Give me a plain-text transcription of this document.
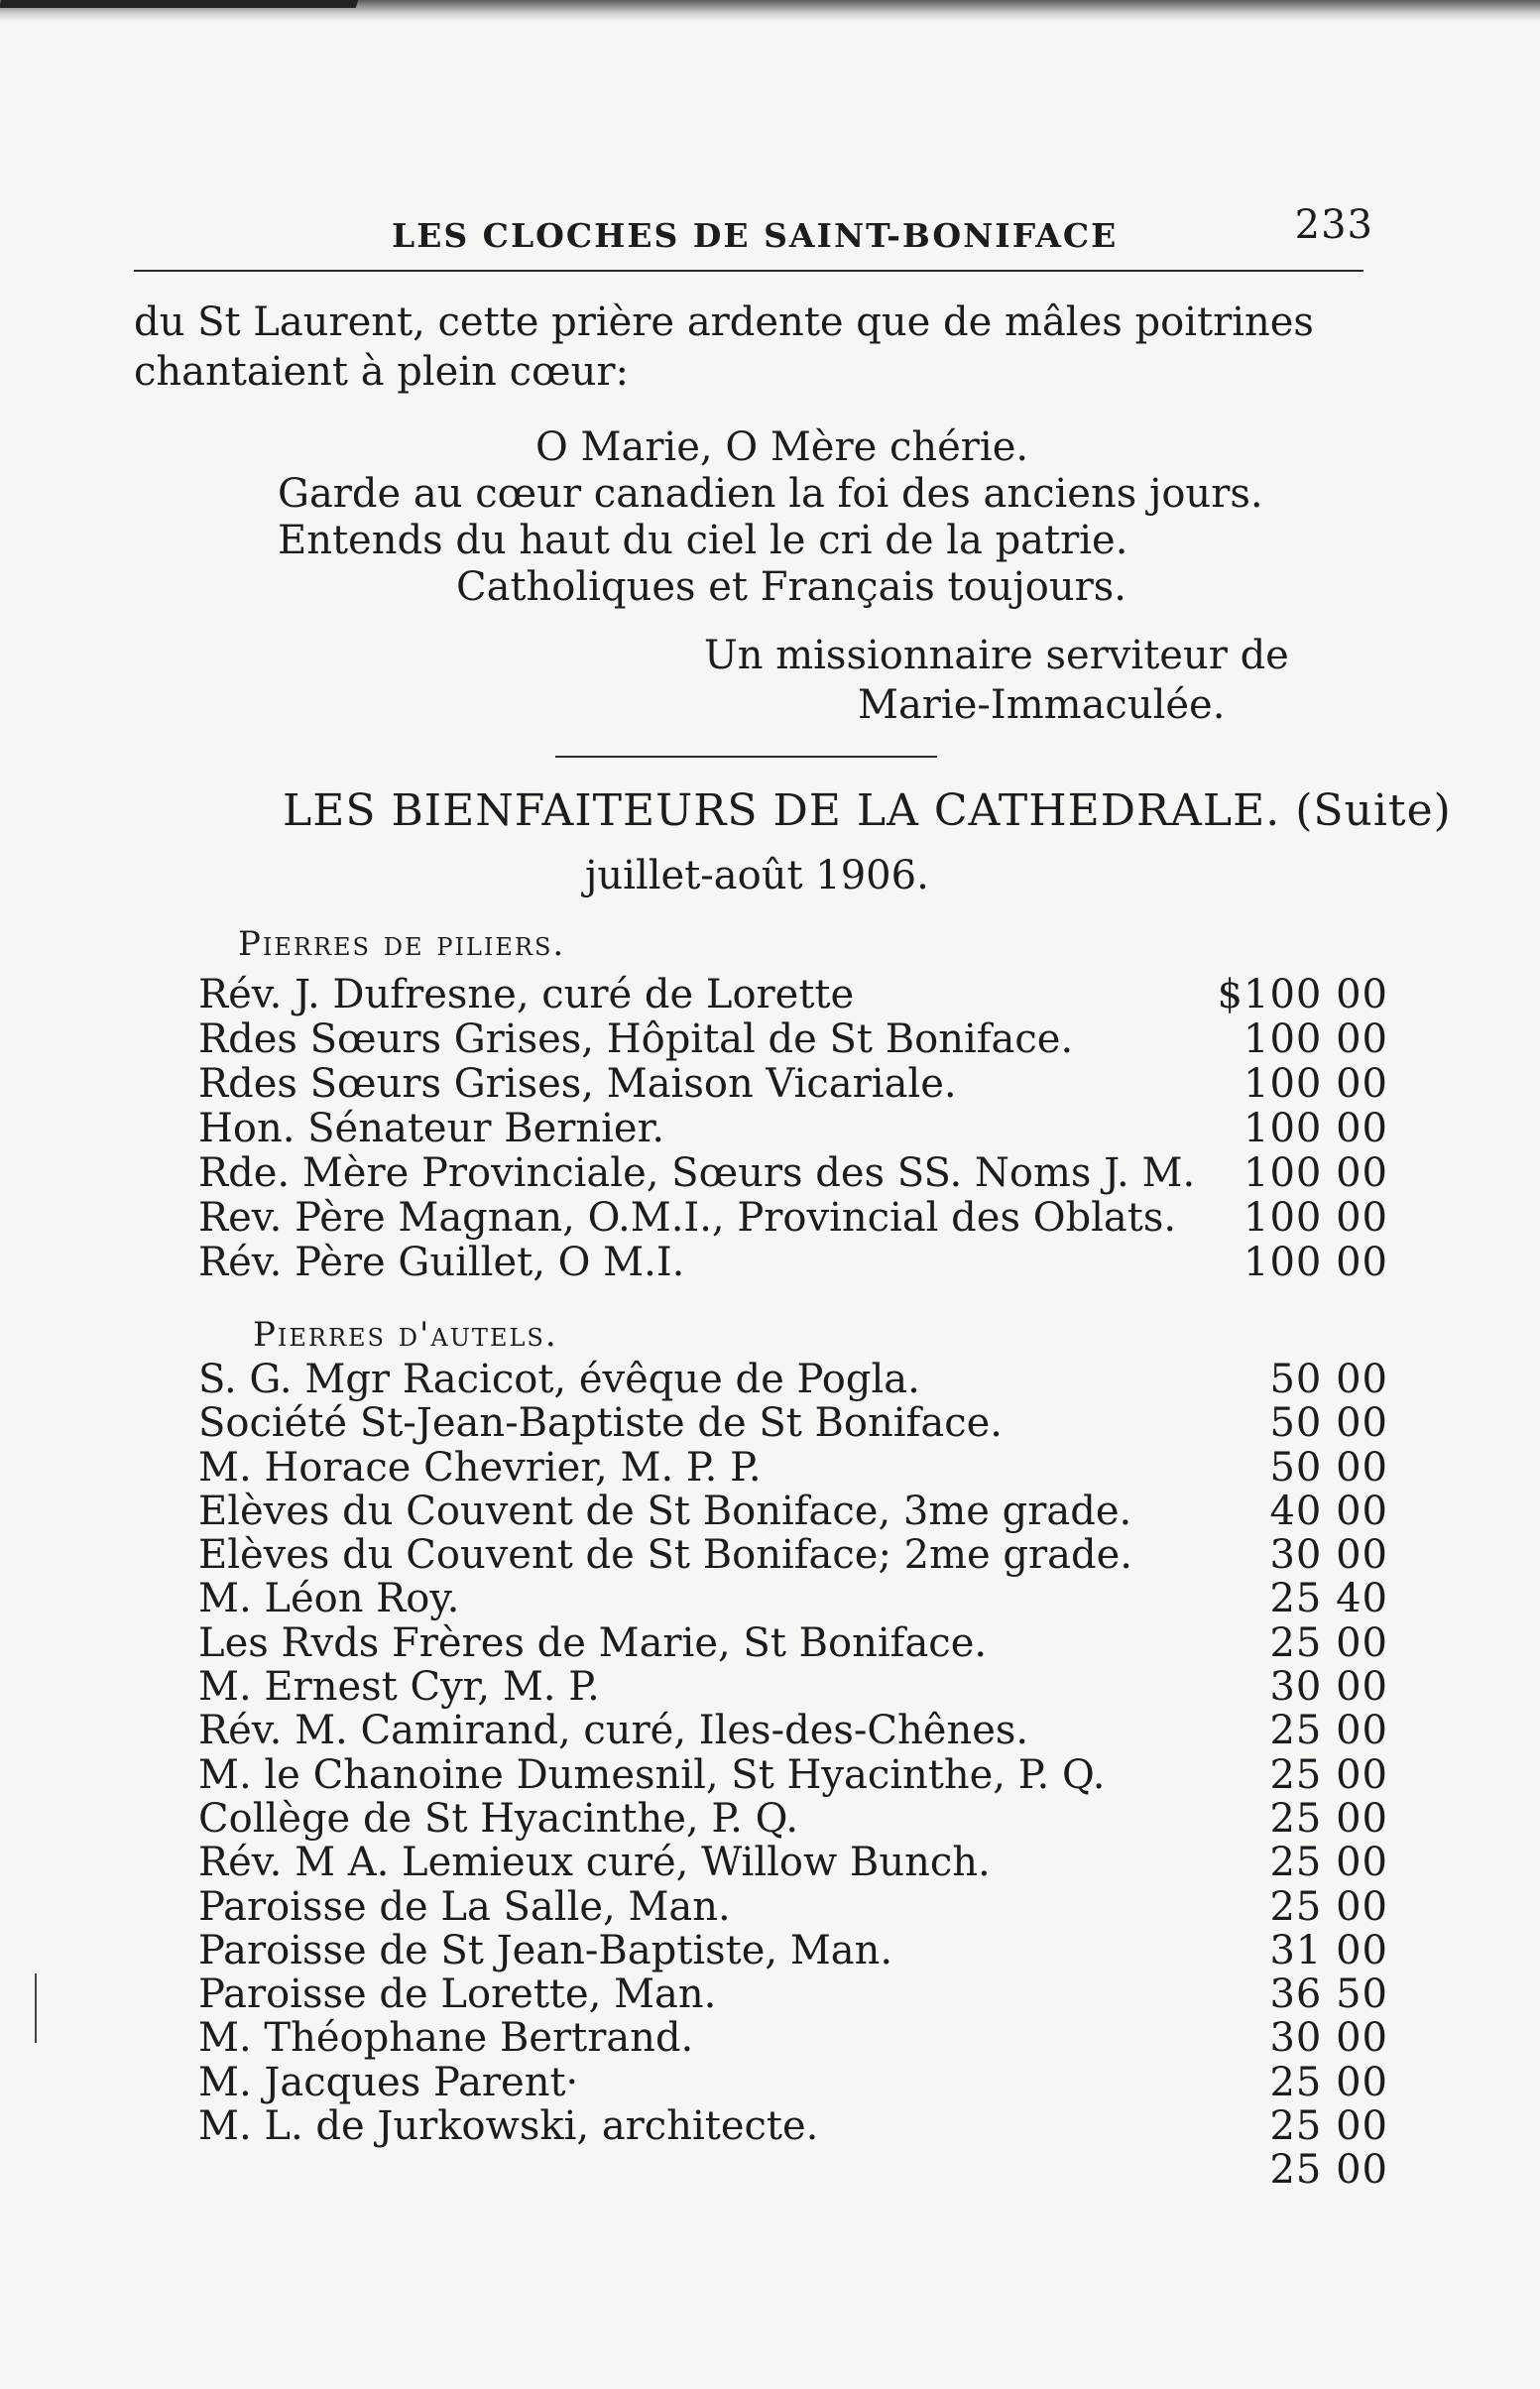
LES CLOCHES DE SAINT-BONIFACE	233

du St Laurent, cette prière ardente que de mâles poitrines chantaient à plein cœur:

O Marie, O Mère chérie.
Garde au cœur canadien la foi des anciens jours.
Entends du haut du ciel le cri de la patrie.
Catholiques et Français toujours.
Un missionnaire serviteur de
Marie-Immaculée.
LES BIENFAITEURS DE LA CATHEDRALE. (Suite)
juillet-août 1906.
Pierres de piliers.
Rév. J. Dufresne, curé de Lorette	$100 00
Rdes Sœurs Grises, Hôpital de St Boniface.	100 00
Rdes Sœurs Grises, Maison Vicariale.	100 00
Hon. Sénateur Bernier.	100 00
Rde. Mère Provinciale, Sœurs des SS. Noms J. M.	100 00
Rev. Père Magnan, O.M.I., Provincial des Oblats.	100 00
Rév. Père Guillet, O M.I.	100 00
Pierres d'autels.
S. G. Mgr Racicot, évêque de Pogla.	50 00
Société St-Jean-Baptiste de St Boniface.	50 00
M. Horace Chevrier, M. P. P.	50 00
Elèves du Couvent de St Boniface, 3me grade.	40 00
Elèves du Couvent de St Boniface; 2me grade.	30 00
M. Léon Roy.	25 40
Les Rvds Frères de Marie, St Boniface.	25 00
M. Ernest Cyr, M. P.	30 00
Rév. M. Camirand, curé, Iles-des-Chênes.	25 00
M. le Chanoine Dumesnil, St Hyacinthe, P. Q.	25 00
Collège de St Hyacinthe, P. Q.	25 00
Rév. M A. Lemieux curé, Willow Bunch.	25 00
Paroisse de La Salle, Man.	25 00
Paroisse de St Jean-Baptiste, Man.	31 00
Paroisse de Lorette, Man.	36 50
M. Théophane Bertrand.	30 00
M. Jacques Parent·	25 00
M. L. de Jurkowski, architecte.	25 00
25 00
